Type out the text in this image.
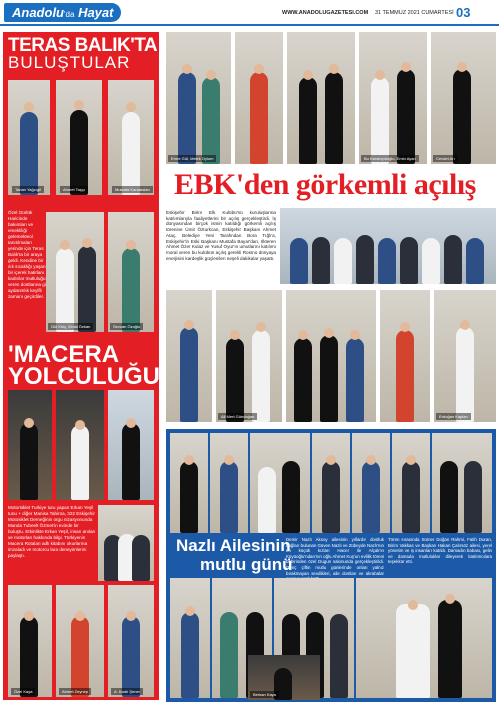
Anadolu'da Hayat	WWW.ANADOLUGAZETESI.COM 31 TEMMUZ 2021 CUMARTESİ 03
TERAS BALIK'TA
BULUŞTULAR
Tanan Yağcıgil	Ahmet Taşçı	Mustafa Karaarslan
Özel Gürlük Haricinde bakımları ve emekliliği gelemekteol tanıtılmaları yerinde için Teras Balık'ta bir araya geldi. Kendine bir ılık sıcaklığı yaşan bir içerek hatirlanı kadınlar mutluluğu veren dostlarına gi aydanmlık keyifli zamanı geçirdiler.
Gül Kılıç, Erdal Özkan	Sevcan Özoğlu
'MACERA
YOLCULUĞU'
Motorsiklet Turkiye turu yapan Erkan Yeşil tunu + diğer Manisa Tahiroa, 322 Eskişehir Motosiklet Derneğinin orgu nizasyonunda Manda Tubeelt Özmet'in evinde bir buluştu. Etkinlikte Erkan Yeşil, insan anıları ve motorları hakkında bilgi. Türkiyenin Macera Rotaları adlı kitabını okurlarına imzaladı ve motorcu lara deneyimlerini paylaştı.
Özel Kaya	Ahmet Zeynep	A. Kadir Şener
Emre Gül, Melek Oylum	Bu Karabıyıkoğlu, Emin Ayan	Cevdet Arı
EBK'den görkemli açılış
Eskişehir Birim Elk Kulübü'nü kuruluşlarına katılımlarıyla faaliyetlerini bir açılış gerçekleştirdi. İş dünyasından birçok ismin katıldığı görkemli açılış törenine Ümit Özturkcan, Eskişehir Başkanı Ahmet Ataç, Belediye Yeni Tarafından Bora Tığlı'a, Eskişehir'in Eski Başkanı Mustafa Bayar'dan, Ilkteren Ahmet Özer Kulaz ve Yusuf Oyur'ın umutlarını katılımı moral veren bu kulübün açılış gerekli Rosmo dünyaya enerjisini kardeşlik güçlenilen neşeli dakikalar yaşattı.
Ali Mert Gündoğan	Erdoğan Kaplan
Nazlı Ailesinin
mutlu günü
Demir Nazlı Aksoy ailesinin yıllardır dostluk bağları bulunan Güven Nazlı ve Zübeyde Nazlı'nın en küçük kızları Hacer ile Alçak'ın Küyüoğlu'ndan'nın oğlu Ahmet Kuş'un evlilik töreni birbirinden özel Dugun salonunda gerçekleştirildi. Genç çiftin mutlu günlerinde onları yalnız bırakmayan sevdikleri, aile dostları ve akrabalar
Tören sırasında Sümer Doğan Rahmi, Fatih Duran, Birim Vakkas ve Başkan Hakan Çalırsöz ailesi, yerel yönetim ve iş insanları katıldı. Damadın babası, gelin ve damada mutluluklar dileyerek katılımcılara teşekkür etti.
Berkan Kaya
